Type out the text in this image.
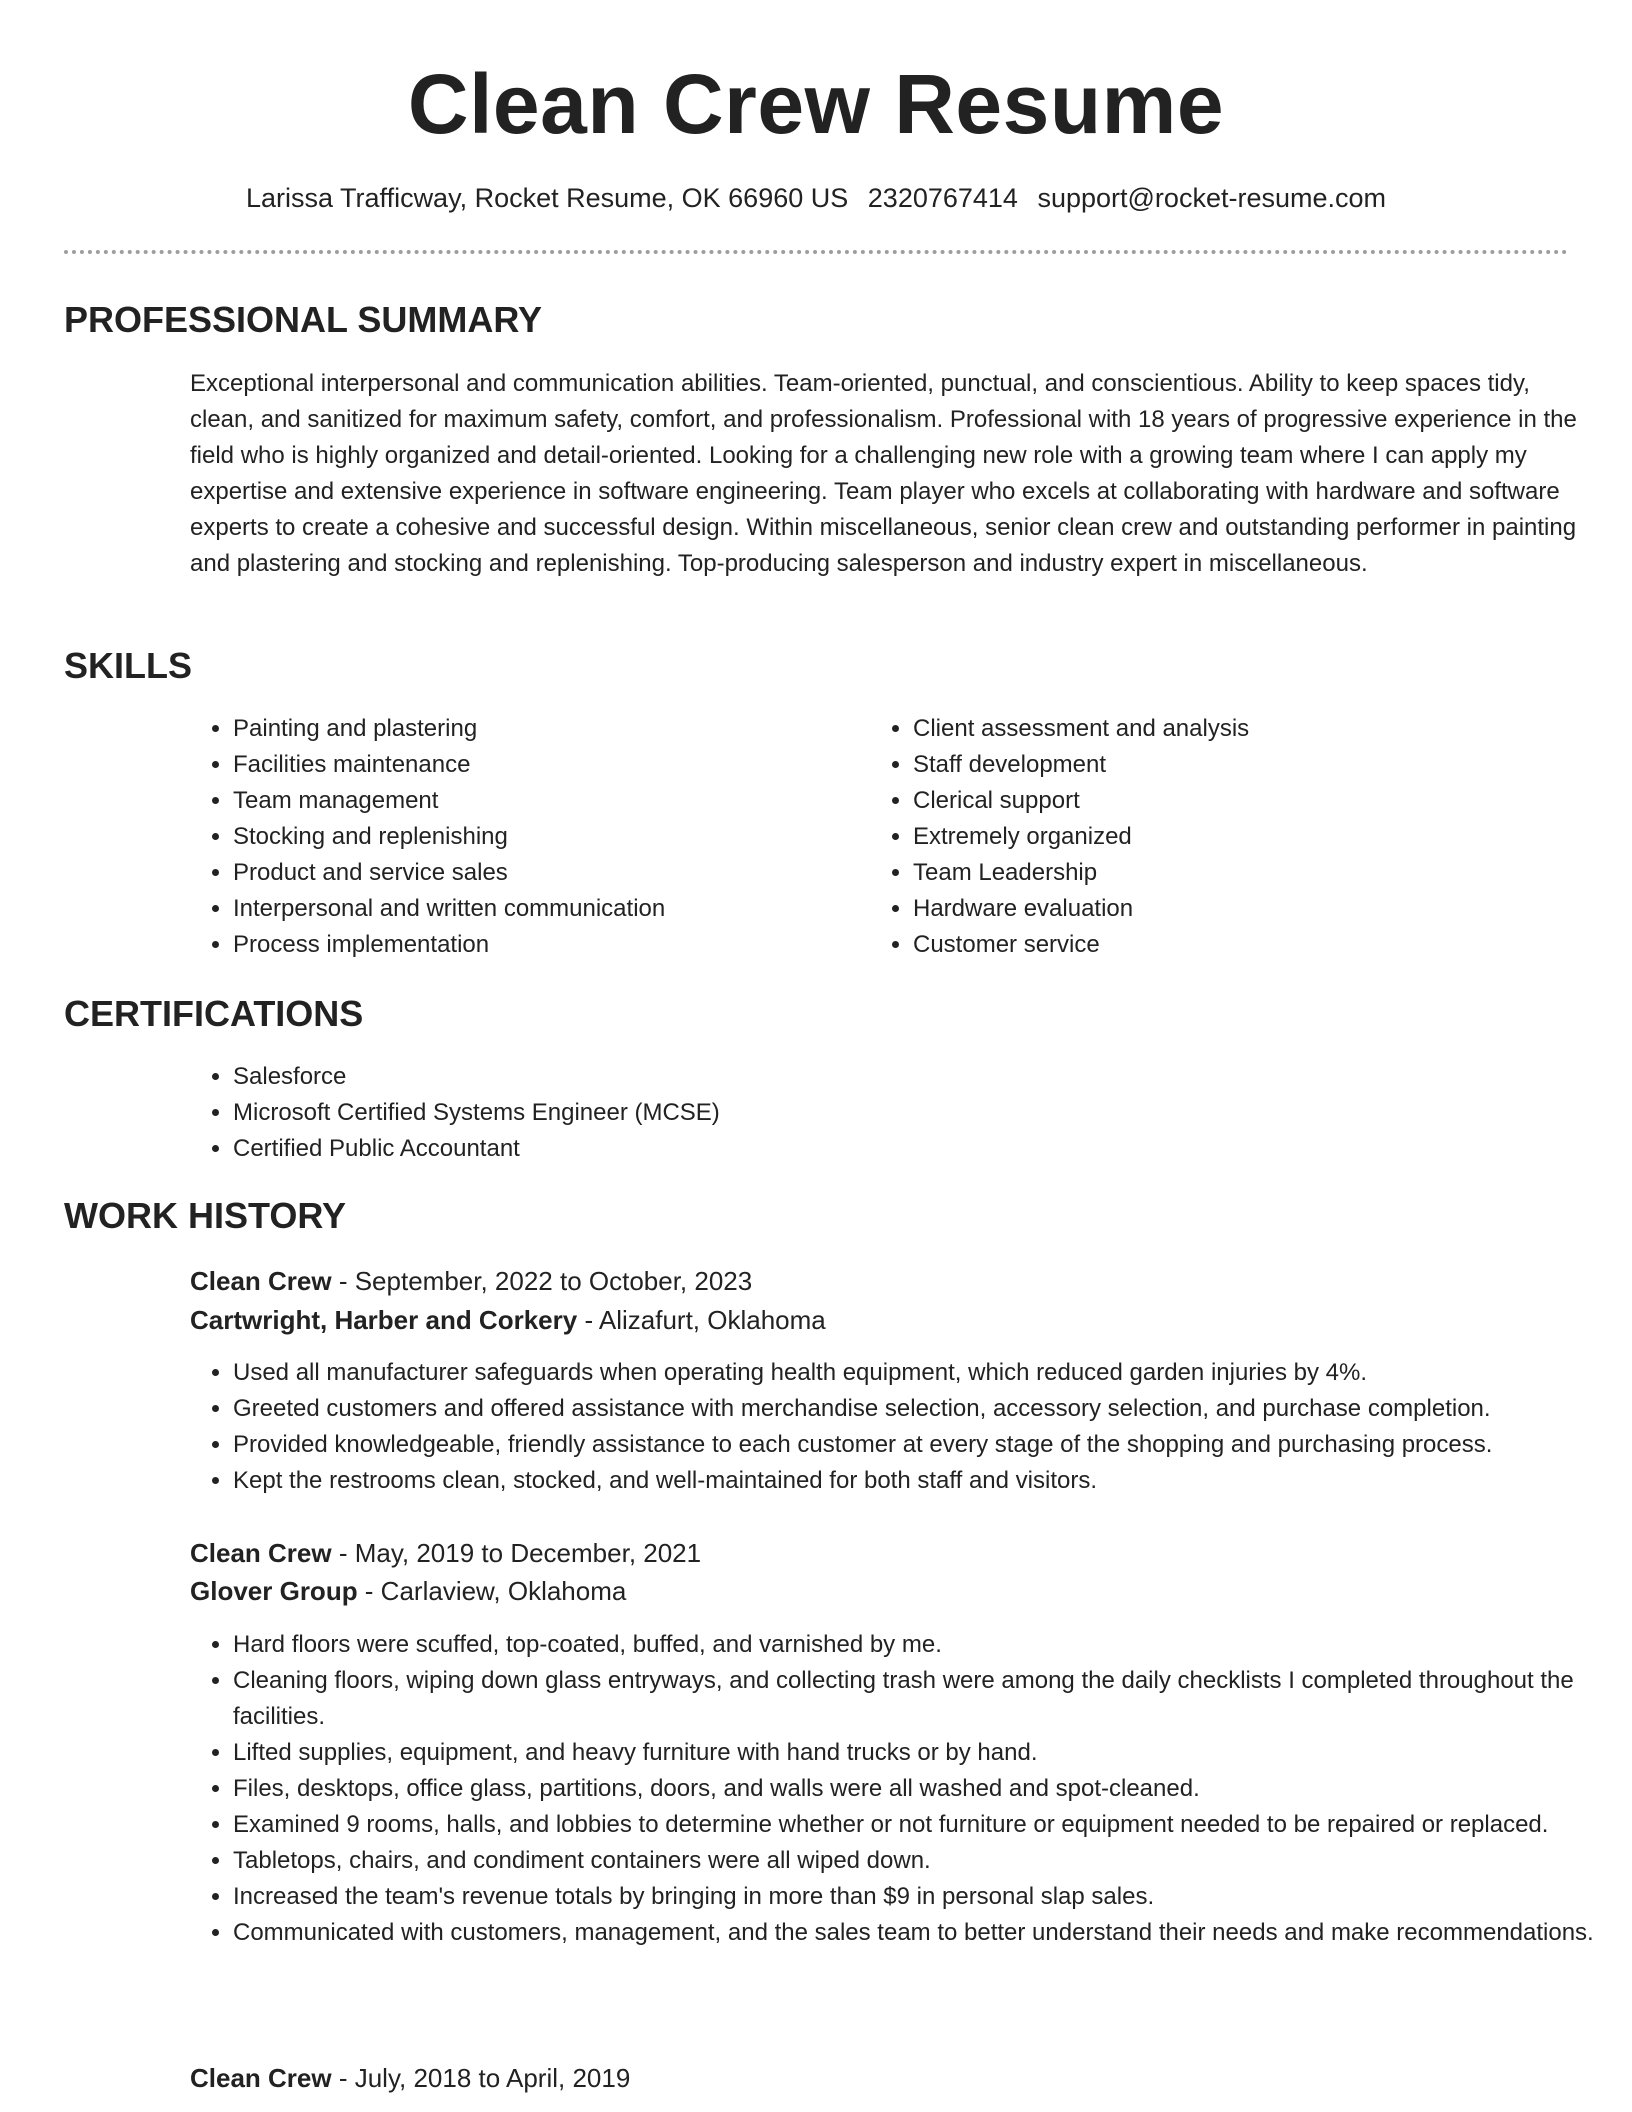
Clean Crew Resume
Larissa Trafficway, Rocket Resume, OK 66960 US 2320767414 support@rocket-resume.com
PROFESSIONAL SUMMARY

Exceptional interpersonal and communication abilities. Team-oriented, punctual, and conscientious. Ability to keep spaces tidy, clean, and sanitized for maximum safety, comfort, and professionalism. Professional with 18 years of progressive experience in the field who is highly organized and detail-oriented. Looking for a challenging new role with a growing team where I can apply my expertise and extensive experience in software engineering. Team player who excels at collaborating with hardware and software experts to create a cohesive and successful design. Within miscellaneous, senior clean crew and outstanding performer in painting and plastering and stocking and replenishing. Top-producing salesperson and industry expert in miscellaneous.

SKILLS
• Painting and plastering
• Facilities maintenance
• Team management
• Stocking and replenishing
• Product and service sales
• Interpersonal and written communication
• Process implementation
• Client assessment and analysis
• Staff development
• Clerical support
• Extremely organized
• Team Leadership
• Hardware evaluation
• Customer service
CERTIFICATIONS
• Salesforce
• Microsoft Certified Systems Engineer (MCSE)
• Certified Public Accountant
WORK HISTORY

Clean Crew - September, 2022 to October, 2023

Cartwright, Harber and Corkery - Alizafurt, Oklahoma

• Used all manufacturer safeguards when operating health equipment, which reduced garden injuries by 4%.
• Greeted customers and offered assistance with merchandise selection, accessory selection, and purchase completion.
• Provided knowledgeable, friendly assistance to each customer at every stage of the shopping and purchasing process.
• Kept the restrooms clean, stocked, and well-maintained for both staff and visitors.

Clean Crew - May, 2019 to December, 2021

Glover Group - Carlaview, Oklahoma

• Hard floors were scuffed, top-coated, buffed, and varnished by me.
• Cleaning floors, wiping down glass entryways, and collecting trash were among the daily checklists I completed throughout the facilities.
• Lifted supplies, equipment, and heavy furniture with hand trucks or by hand.
• Files, desktops, office glass, partitions, doors, and walls were all washed and spot-cleaned.
• Examined 9 rooms, halls, and lobbies to determine whether or not furniture or equipment needed to be repaired or replaced.
• Tabletops, chairs, and condiment containers were all wiped down.
• Increased the team's revenue totals by bringing in more than $9 in personal slap sales.
• Communicated with customers, management, and the sales team to better understand their needs and make recommendations.

Clean Crew - July, 2018 to April, 2019
